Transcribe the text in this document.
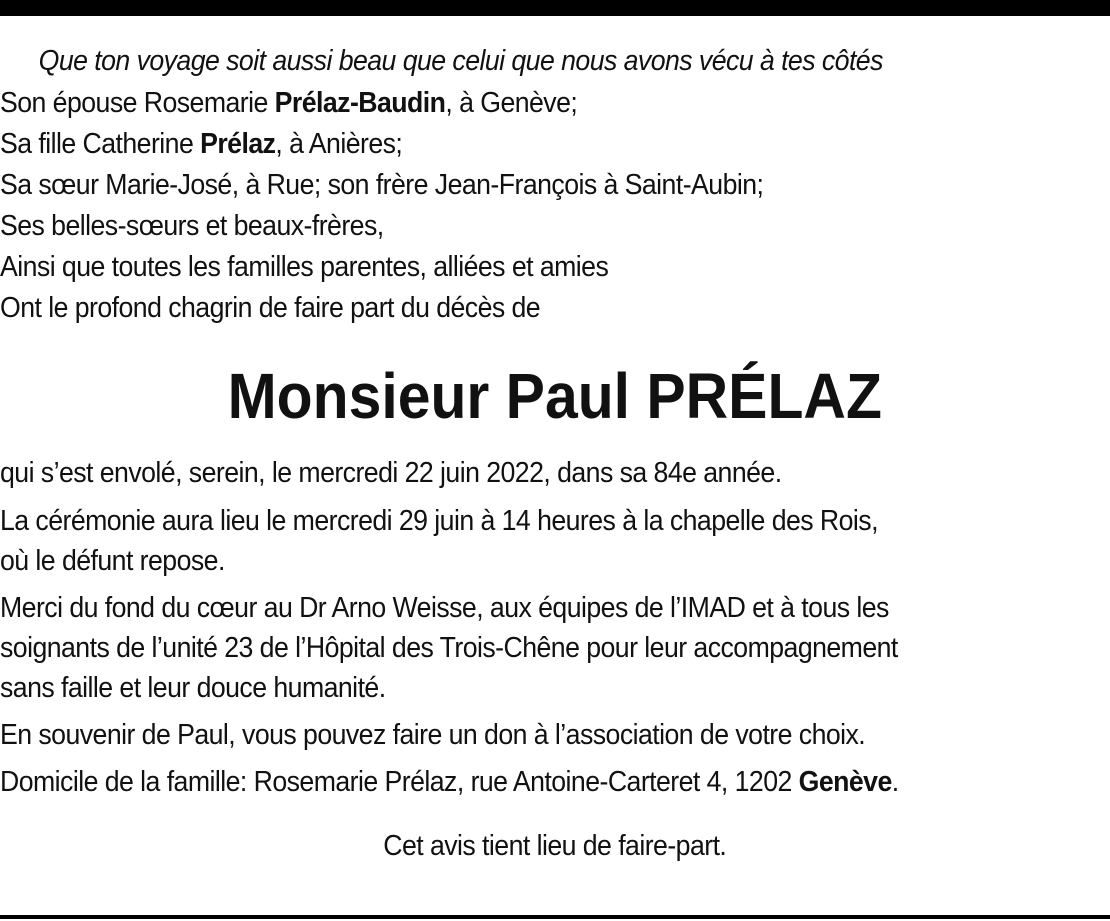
Que ton voyage soit aussi beau que celui que nous avons vécu à tes côtés
Son épouse Rosemarie Prélaz-Baudin, à Genève;
Sa fille Catherine Prélaz, à Anières;
Sa sœur Marie-José, à Rue; son frère Jean-François à Saint-Aubin;
Ses belles-sœurs et beaux-frères,
Ainsi que toutes les familles parentes, alliées et amies
Ont le profond chagrin de faire part du décès de
Monsieur Paul PRÉLAZ
qui s’est envolé, serein, le mercredi 22 juin 2022, dans sa 84e année.
La cérémonie aura lieu le mercredi 29 juin à 14 heures à la chapelle des Rois,
où le défunt repose.
Merci du fond du cœur au Dr Arno Weisse, aux équipes de l’IMAD et à tous les
soignants de l’unité 23 de l’Hôpital des Trois-Chêne pour leur accompagnement
sans faille et leur douce humanité.
En souvenir de Paul, vous pouvez faire un don à l’association de votre choix.
Domicile de la famille: Rosemarie Prélaz, rue Antoine-Carteret 4, 1202 Genève.
Cet avis tient lieu de faire-part.
